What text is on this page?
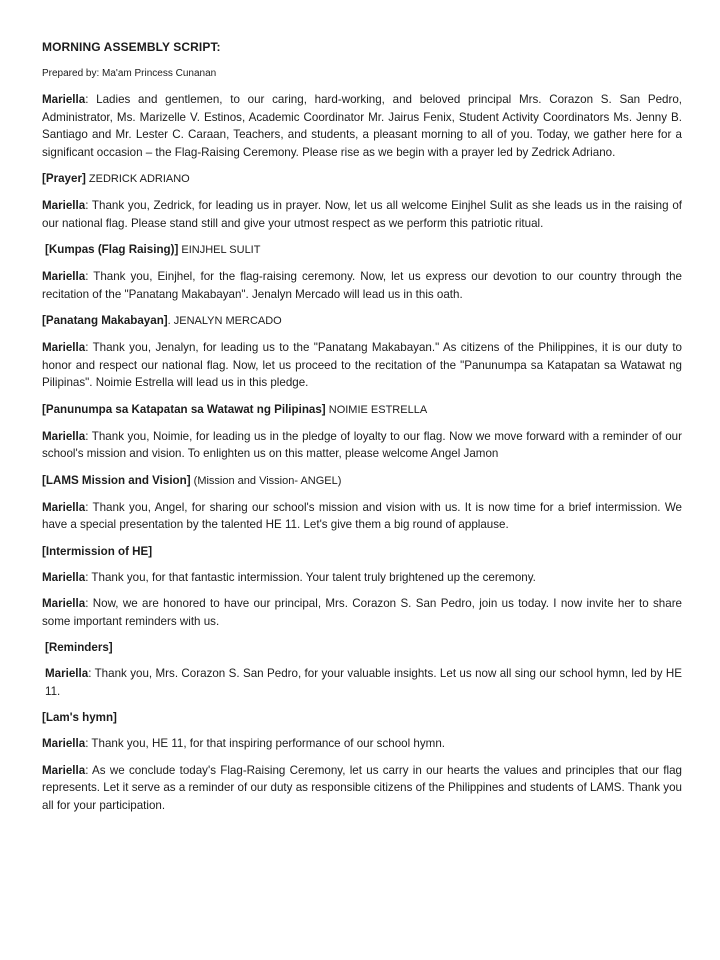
MORNING ASSEMBLY SCRIPT:
Prepared by: Ma'am Princess Cunanan

Mariella: Ladies and gentlemen, to our caring, hard-working, and beloved principal Mrs. Corazon S. San Pedro, Administrator, Ms. Marizelle V. Estinos, Academic Coordinator Mr. Jairus Fenix, Student Activity Coordinators Ms. Jenny B. Santiago and Mr. Lester C. Caraan, Teachers, and students, a pleasant morning to all of you. Today, we gather here for a significant occasion – the Flag-Raising Ceremony. Please rise as we begin with a prayer led by Zedrick Adriano.

[Prayer] ZEDRICK ADRIANO

Mariella: Thank you, Zedrick, for leading us in prayer. Now, let us all welcome Einjhel Sulit as she leads us in the raising of our national flag. Please stand still and give your utmost respect as we perform this patriotic ritual.

[Kumpas (Flag Raising)] EINJHEL SULIT

Mariella: Thank you, Einjhel, for the flag-raising ceremony. Now, let us express our devotion to our country through the recitation of the "Panatang Makabayan". Jenalyn Mercado will lead us in this oath.

[Panatang Makabayan]. JENALYN MERCADO

Mariella: Thank you, Jenalyn, for leading us to the "Panatang Makabayan." As citizens of the Philippines, it is our duty to honor and respect our national flag. Now, let us proceed to the recitation of the "Panunumpa sa Katapatan sa Watawat ng Pilipinas". Noimie Estrella will lead us in this pledge.

[Panunumpa sa Katapatan sa Watawat ng Pilipinas] NOIMIE ESTRELLA

Mariella: Thank you, Noimie, for leading us in the pledge of loyalty to our flag. Now we move forward with a reminder of our school's mission and vision. To enlighten us on this matter, please welcome Angel Jamon

[LAMS Mission and Vision] (Mission and Vission- ANGEL)

Mariella: Thank you, Angel, for sharing our school's mission and vision with us. It is now time for a brief intermission. We have a special presentation by the talented HE 11. Let's give them a big round of applause.

[Intermission of HE]

Mariella: Thank you, for that fantastic intermission. Your talent truly brightened up the ceremony.

Mariella: Now, we are honored to have our principal, Mrs. Corazon S. San Pedro, join us today. I now invite her to share some important reminders with us.

[Reminders]

Mariella: Thank you, Mrs. Corazon S. San Pedro, for your valuable insights. Let us now all sing our school hymn, led by HE 11.

[Lam's hymn]

Mariella: Thank you, HE 11, for that inspiring performance of our school hymn.

Mariella: As we conclude today's Flag-Raising Ceremony, let us carry in our hearts the values and principles that our flag represents. Let it serve as a reminder of our duty as responsible citizens of the Philippines and students of LAMS. Thank you all for your participation.
